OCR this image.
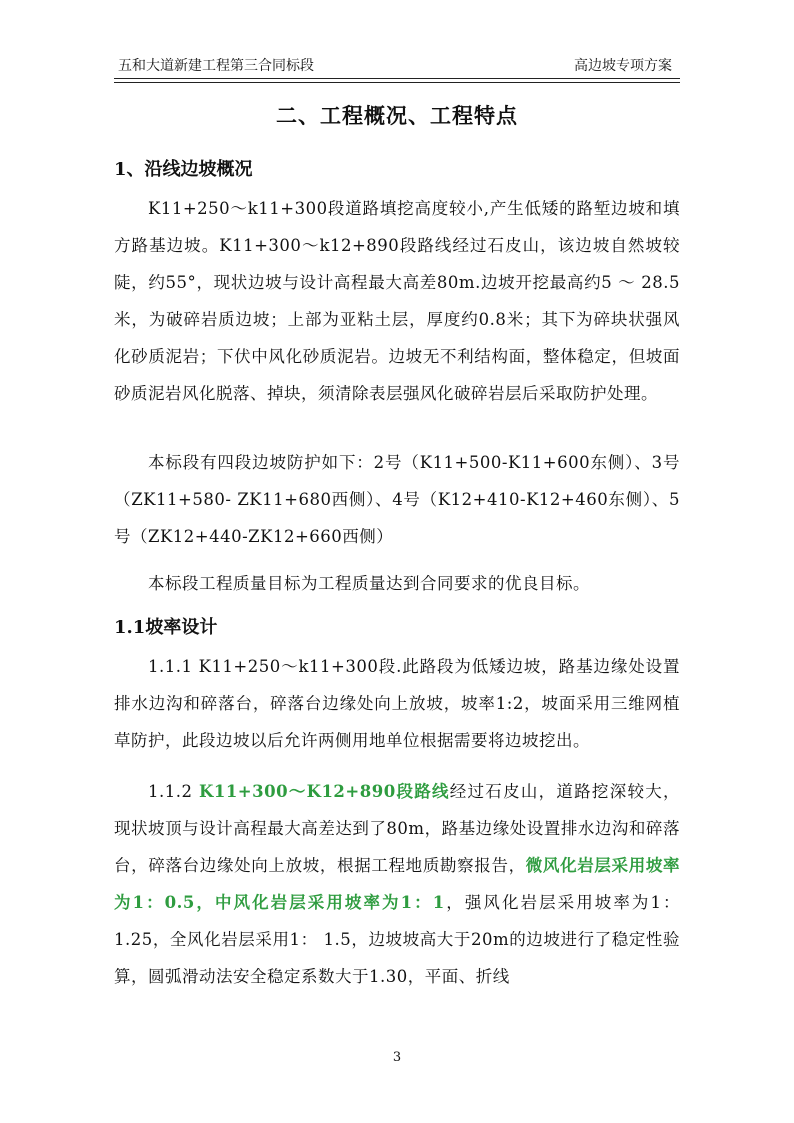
五和大道新建工程第三合同标段	高边坡专项方案
二、工程概况、工程特点
1、沿线边坡概况
K11+250～k11+300段道路填挖高度较小,产生低矮的路堑边坡和填方路基边坡。K11+300～k12+890段路线经过石皮山，该边坡自然坡较陡，约55°，现状边坡与设计高程最大高差80m.边坡开挖最高约5 ～ 28.5米，为破碎岩质边坡；上部为亚粘土层，厚度约0.8米；其下为碎块状强风化砂质泥岩；下伏中风化砂质泥岩。边坡无不利结构面，整体稳定，但坡面砂质泥岩风化脱落、掉块，须清除表层强风化破碎岩层后采取防护处理。
本标段有四段边坡防护如下：2号（K11+500-K11+600东侧）、3号（ZK11+580- ZK11+680西侧）、4号（K12+410-K12+460东侧）、5号（ZK12+440-ZK12+660西侧）
本标段工程质量目标为工程质量达到合同要求的优良目标。
1.1坡率设计
1.1.1 K11+250～k11+300段.此路段为低矮边坡，路基边缘处设置排水边沟和碎落台，碎落台边缘处向上放坡，坡率1:2，坡面采用三维网植草防护，此段边坡以后允许两侧用地单位根据需要将边坡挖出。
1.1.2 K11+300～K12+890段路线经过石皮山，道路挖深较大，现状坡顶与设计高程最大高差达到了80m，路基边缘处设置排水边沟和碎落台，碎落台边缘处向上放坡，根据工程地质勘察报告，微风化岩层采用坡率为1：0.5，中风化岩层采用坡率为1：1，强风化岩层采用坡率为1： 1.25，全风化岩层采用1： 1.5，边坡坡高大于20m的边坡进行了稳定性验算，圆弧滑动法安全稳定系数大于1.30，平面、折线
3
